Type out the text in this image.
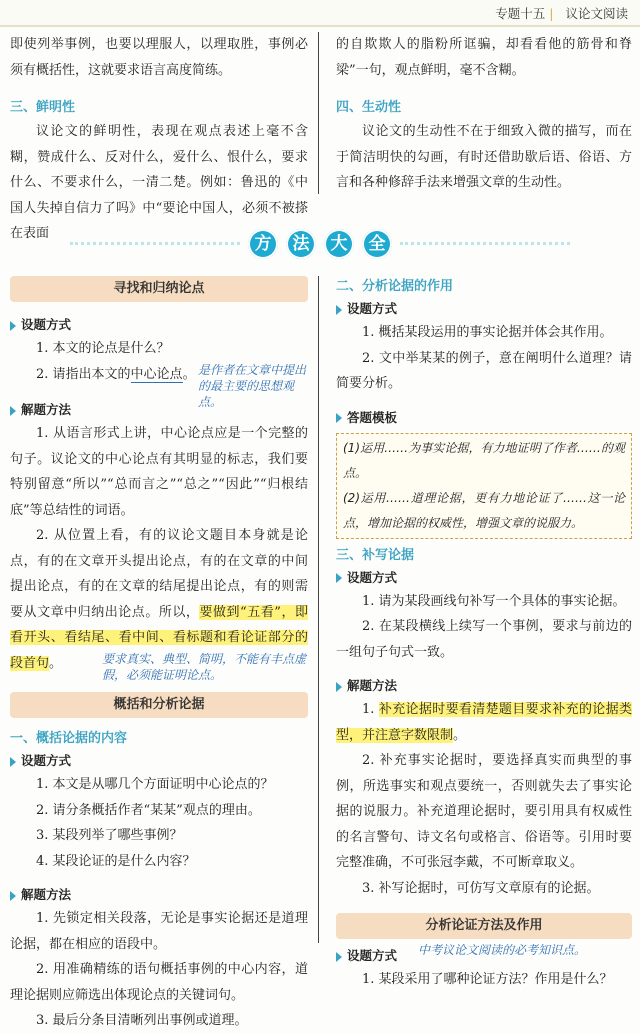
专题十五 | 议论文阅读

即使列举事例，也要以理服人，以理取胜，事例必须有概括性，这就要求语言高度简练。

三、鲜明性

议论文的鲜明性，表现在观点表述上毫不含糊，赞成什么、反对什么，爱什么、恨什么，要求什么、不要求什么，一清二楚。例如：鲁迅的《中国人失掉自信力了吗》中“要论中国人，必须不被搽在表面

的自欺欺人的脂粉所诓骗，却看看他的筋骨和脊梁”一句，观点鲜明，毫不含糊。

四、生动性

议论文的生动性不在于细致入微的描写，而在于简洁明快的勾画，有时还借助歇后语、俗语、方言和各种修辞手法来增强文章的生动性。

方	法	大	全
寻找和归纳论点
设题方式

1. 本文的论点是什么？

2. 请指出本文的中心论点。 是作者在文章中提出的最主要的思想观点。
解题方法

1. 从语言形式上讲，中心论点应是一个完整的句子。议论文的中心论点有其明显的标志，我们要特别留意“所以”“总而言之”“总之”“因此”“归根结底”等总结性的词语。

2. 从位置上看，有的议论文题目本身就是论点，有的在文章开头提出论点，有的在文章的中间提出论点，有的在文章的结尾提出论点，有的则需要从文章中归纳出论点。所以，要做到“五看”，即看开头、看结尾、看中间、看标题和看论证部分的段首句。

概括和分析论据
一、概括论据的内容
要求真实、典型、简明，不能有丰点虚假，必须能证明论点。
设题方式

1. 本文是从哪几个方面证明中心论点的？

2. 请分条概括作者“某某”观点的理由。

3. 某段列举了哪些事例？

4. 某段论证的是什么内容？

解题方法

1. 先锁定相关段落，无论是事实论据还是道理论据，都在相应的语段中。

2. 用准确精练的语句概括事例的中心内容，道理论据则应筛选出体现论点的关键词句。

3. 最后分条目清晰列出事例或道理。

二、分析论据的作用
设题方式

1. 概括某段运用的事实论据并体会其作用。

2. 文中举某某的例子，意在阐明什么道理？请简要分析。

答题模板

(1)运用……为事实论据，有力地证明了作者……的观点。

(2)运用……道理论据，更有力地论证了……这一论点，增加论据的权威性，增强文章的说服力。

三、补写论据
设题方式

1. 请为某段画线句补写一个具体的事实论据。

2. 在某段横线上续写一个事例，要求与前边的一组句子句式一致。

解题方法

1. 补充论据时要看清楚题目要求补充的论据类型，并注意字数限制。

2. 补充事实论据时，要选择真实而典型的事例，所选事实和观点要统一，否则就失去了事实论据的说服力。补充道理论据时，要引用具有权威性的名言警句、诗文名句或格言、俗语等。引用时要完整准确，不可张冠李戴，不可断章取义。

3. 补写论据时，可仿写文章原有的论据。

分析论证方法及作用
设题方式	中考议论文阅读的必考知识点。

1. 某段采用了哪种论证方法？作用是什么？
